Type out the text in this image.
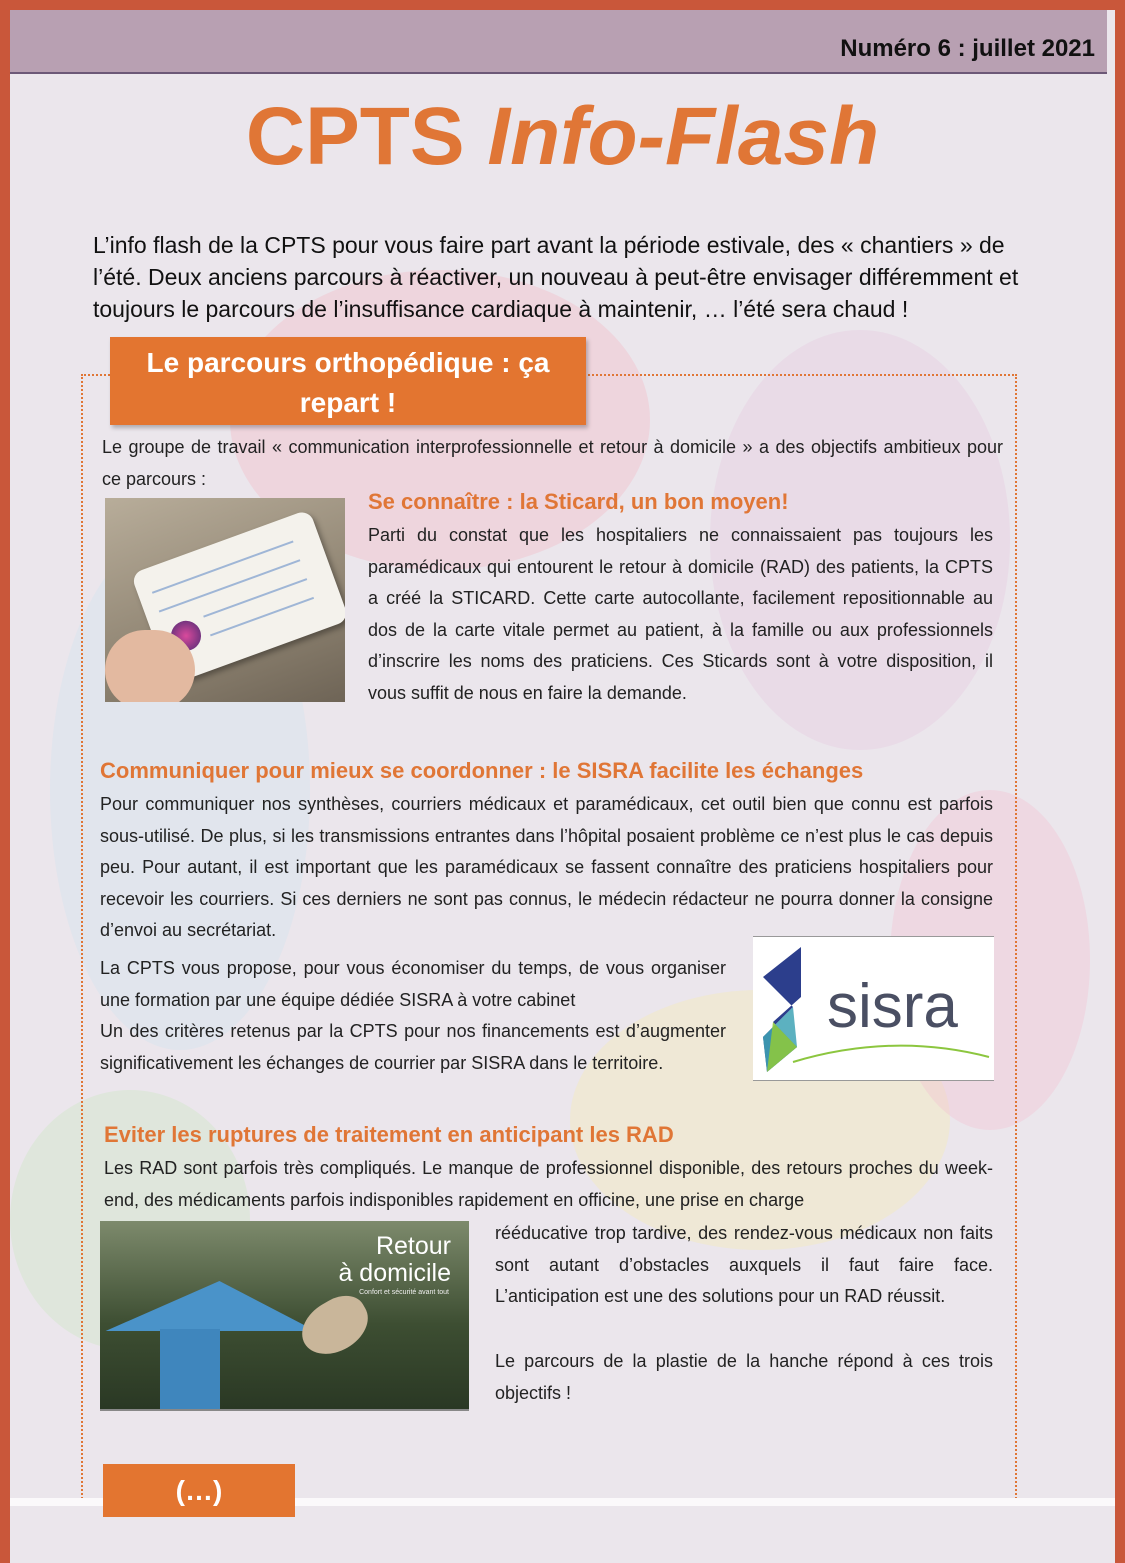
Numéro 6 : juillet 2021
CPTS Info-Flash

L’info flash de la CPTS pour vous faire part avant la période estivale, des « chantiers » de l’été. Deux anciens parcours à réactiver, un nouveau à peut-être envisager différemment et toujours le parcours de l’insuffisance cardiaque à maintenir, … l’été sera chaud !

Le parcours orthopédique : ça repart !

Le groupe de travail « communication interprofessionnelle et retour à domicile » a des objectifs ambitieux pour ce parcours :

Se connaître : la Sticard, un bon moyen!

Parti du constat que les hospitaliers ne connaissaient pas toujours les paramédicaux qui entourent le retour à domicile (RAD) des patients, la CPTS a créé la STICARD. Cette carte autocollante, facilement repositionnable au dos de la carte vitale permet au patient, à la famille ou aux professionnels d’inscrire les noms des praticiens. Ces Sticards sont à votre disposition, il vous suffit de nous en faire la demande.

Communiquer pour mieux se coordonner : le SISRA facilite les échanges

Pour communiquer nos synthèses, courriers médicaux et paramédicaux, cet outil bien que connu est parfois sous-utilisé. De plus, si les transmissions entrantes dans l’hôpital posaient problème ce n’est plus le cas depuis peu. Pour autant, il est important que les paramédicaux se fassent connaître des praticiens hospitaliers pour recevoir les courriers. Si ces derniers ne sont pas connus, le médecin rédacteur ne pourra donner la consigne d’envoi au secrétariat.

La CPTS vous propose, pour vous économiser du temps, de vous organiser une formation par une équipe dédiée SISRA à votre cabinet

Un des critères retenus par la CPTS pour nos financements est d’augmenter significativement les échanges de courrier par SISRA dans le territoire.

sisra
Eviter les ruptures de traitement en anticipant les RAD

Les RAD sont parfois très compliqués. Le manque de professionnel disponible, des retours proches du week-end, des médicaments parfois indisponibles rapidement en officine, une prise en charge

Retour
à domicile
Confort et sécurité avant tout

rééducative trop tardive, des rendez-vous médicaux non faits sont autant d’obstacles auxquels il faut faire face. L’anticipation est une des solutions pour un RAD réussit.

Le parcours de la plastie de la hanche répond à ces trois objectifs !

(…)
